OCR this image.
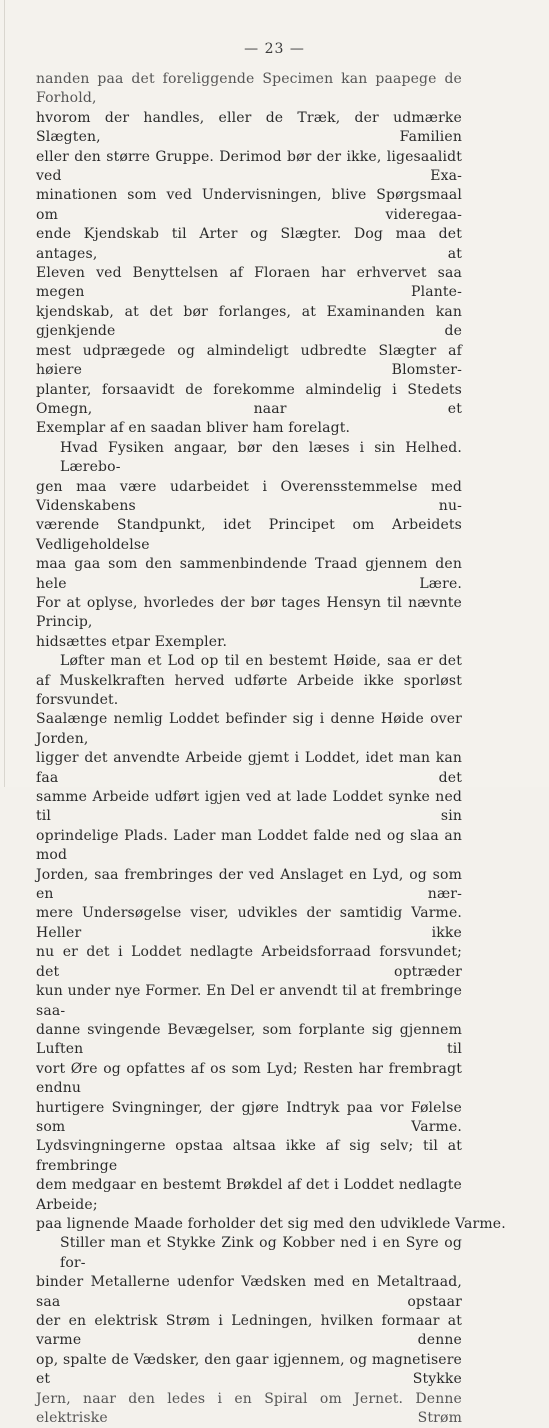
— 23 —
nanden paa det foreliggende Specimen kan paapege de Forhold,
hvorom der handles, eller de Træk, der udmærke Slægten, Familien
eller den større Gruppe. Derimod bør der ikke, ligesaalidt ved Exa-
minationen som ved Undervisningen, blive Spørgsmaal om videregaa-
ende Kjendskab til Arter og Slægter. Dog maa det antages, at
Eleven ved Benyttelsen af Floraen har erhvervet saa megen Plante-
kjendskab, at det bør forlanges, at Examinanden kan gjenkjende de
mest udprægede og almindeligt udbredte Slægter af høiere Blomster-
planter, forsaavidt de forekomme almindelig i Stedets Omegn, naar et
Exemplar af en saadan bliver ham forelagt.
Hvad Fysiken angaar, bør den læses i sin Helhed. Lærebo-
gen maa være udarbeidet i Overensstemmelse med Videnskabens nu-
værende Standpunkt, idet Principet om Arbeidets Vedligeholdelse
maa gaa som den sammenbindende Traad gjennem den hele Lære.
For at oplyse, hvorledes der bør tages Hensyn til nævnte Princip,
hidsættes etpar Exempler.
Løfter man et Lod op til en bestemt Høide, saa er det
af Muskelkraften herved udførte Arbeide ikke sporløst forsvundet.
Saalænge nemlig Loddet befinder sig i denne Høide over Jorden,
ligger det anvendte Arbeide gjemt i Loddet, idet man kan faa det
samme Arbeide udført igjen ved at lade Loddet synke ned til sin
oprindelige Plads. Lader man Loddet falde ned og slaa an mod
Jorden, saa frembringes der ved Anslaget en Lyd, og som en nær-
mere Undersøgelse viser, udvikles der samtidig Varme. Heller ikke
nu er det i Loddet nedlagte Arbeidsforraad forsvundet; det optræder
kun under nye Former. En Del er anvendt til at frembringe saa-
danne svingende Bevægelser, som forplante sig gjennem Luften til
vort Øre og opfattes af os som Lyd; Resten har frembragt endnu
hurtigere Svingninger, der gjøre Indtryk paa vor Følelse som Varme.
Lydsvingningerne opstaa altsaa ikke af sig selv; til at frembringe
dem medgaar en bestemt Brøkdel af det i Loddet nedlagte Arbeide;
paa lignende Maade forholder det sig med den udviklede Varme.
Stiller man et Stykke Zink og Kobber ned i en Syre og for-
binder Metallerne udenfor Vædsken med en Metaltraad, saa opstaar
der en elektrisk Strøm i Ledningen, hvilken formaar at varme denne
op, spalte de Vædsker, den gaar igjennem, og magnetisere et Stykke
Jern, naar den ledes i en Spiral om Jernet. Denne elektriske Strøm
